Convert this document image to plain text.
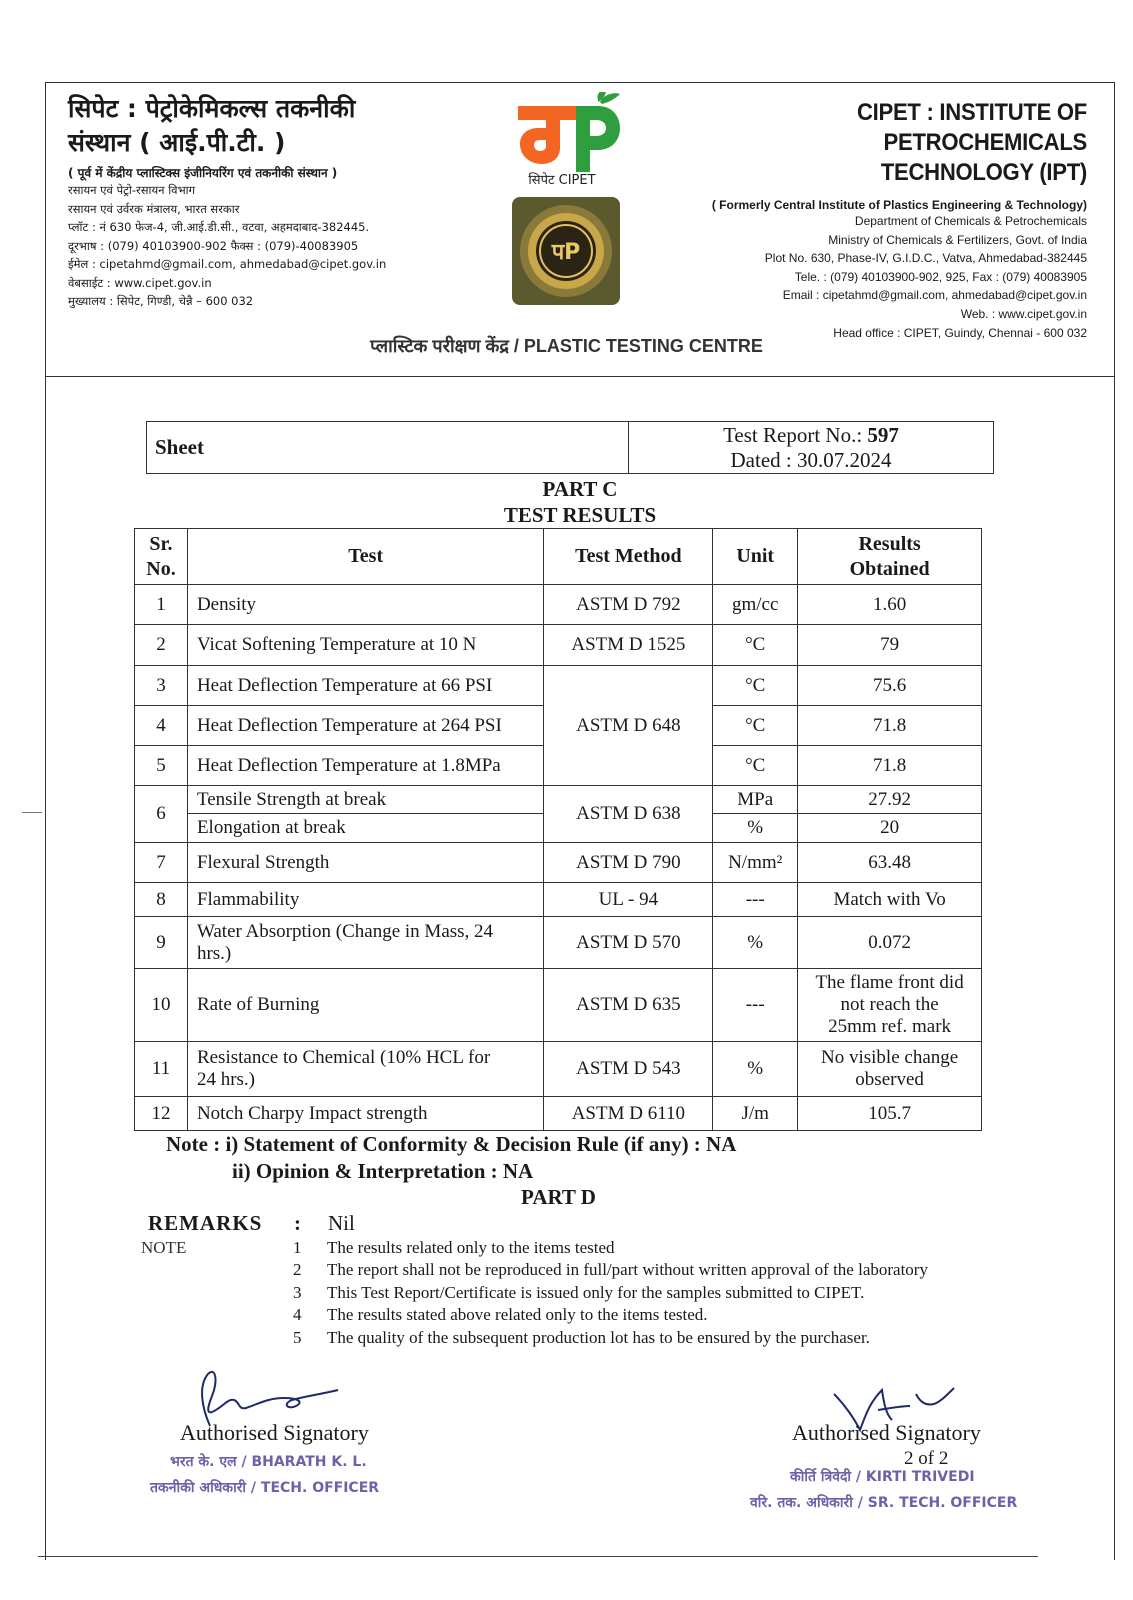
सिपेट : पेट्रोकेमिकल्स तकनीकी
संस्थान ( आई.पी.टी. )
( पूर्व में केंद्रीय प्लास्टिक्स इंजीनियरिंग एवं तकनीकी संस्थान )
रसायन एवं पेट्रो-रसायन विभाग
रसायन एवं उर्वरक मंत्रालय, भारत सरकार
प्लॉट : नं 630 फेज-4, जी.आई.डी.सी., वटवा, अहमदाबाद-382445.
दूरभाष : (079) 40103900-902 फैक्स : (079)-40083905
ईमेल : cipetahmd@gmail.com, ahmedabad@cipet.gov.in
वेबसाईट : www.cipet.gov.in
मुख्यालय : सिपेट, गिण्डी, चेन्नै – 600 032
सिपेट CIPET
पP
CIPET : INSTITUTE OF PETROCHEMICALS
TECHNOLOGY (IPT)
( Formerly Central Institute of Plastics Engineering & Technology)
Department of Chemicals & Petrochemicals
Ministry of Chemicals & Fertilizers, Govt. of India
Plot No. 630, Phase-IV, G.I.D.C., Vatva, Ahmedabad-382445
Tele. : (079) 40103900-902, 925, Fax : (079) 40083905
Email : cipetahmd@gmail.com, ahmedabad@cipet.gov.in
Web. : www.cipet.gov.in
Head office : CIPET, Guindy, Chennai - 600 032
प्लास्टिक परीक्षण केंद्र / PLASTIC TESTING CENTRE
Sheet	Test Report No.: 597
Dated : 30.07.2024
PART C
TEST RESULTS
Sr.
No.	Test	Test Method	Unit	Results
Obtained

1	Density	ASTM D 792	gm/cc	1.60
2	Vicat Softening Temperature at 10 N	ASTM D 1525	°C	79
3	Heat Deflection Temperature at 66 PSI	ASTM D 648	°C	75.6
4	Heat Deflection Temperature at 264 PSI		°C	71.8
5	Heat Deflection Temperature at 1.8MPa		°C	71.8
6	Tensile Strength at break	ASTM D 638	MPa	27.92
	Elongation at break		%	20
7	Flexural Strength	ASTM D 790	N/mm²	63.48
8	Flammability	UL - 94	---	Match with Vo
9	Water Absorption (Change in Mass, 24
hrs.)	ASTM D 570	%	0.072
10	Rate of Burning	ASTM D 635	---	The flame front did
not reach the
25mm ref. mark

11	Resistance to Chemical (10% HCL for
24 hrs.)	ASTM D 543	%	No visible change
observed

12	Notch Charpy Impact strength	ASTM D 6110	J/m	105.7
Note : i) Statement of Conformity & Decision Rule (if any) : NA
ii) Opinion & Interpretation : NA
PART D
REMARKS : Nil
NOTE	1	The results related only to the items tested
2	The report shall not be reproduced in full/part without written approval of the laboratory
3	This Test Report/Certificate is issued only for the samples submitted to CIPET.
4	The results stated above related only to the items tested.
5	The quality of the subsequent production lot has to be ensured by the purchaser.
Authorised Signatory
भरत के. एल / BHARATH K. L.
तकनीकी अधिकारी / TECH. OFFICER
Authorised Signatory
2 of 2
कीर्ति त्रिवेदी / KIRTI TRIVEDI
वरि. तक. अधिकारी / SR. TECH. OFFICER
